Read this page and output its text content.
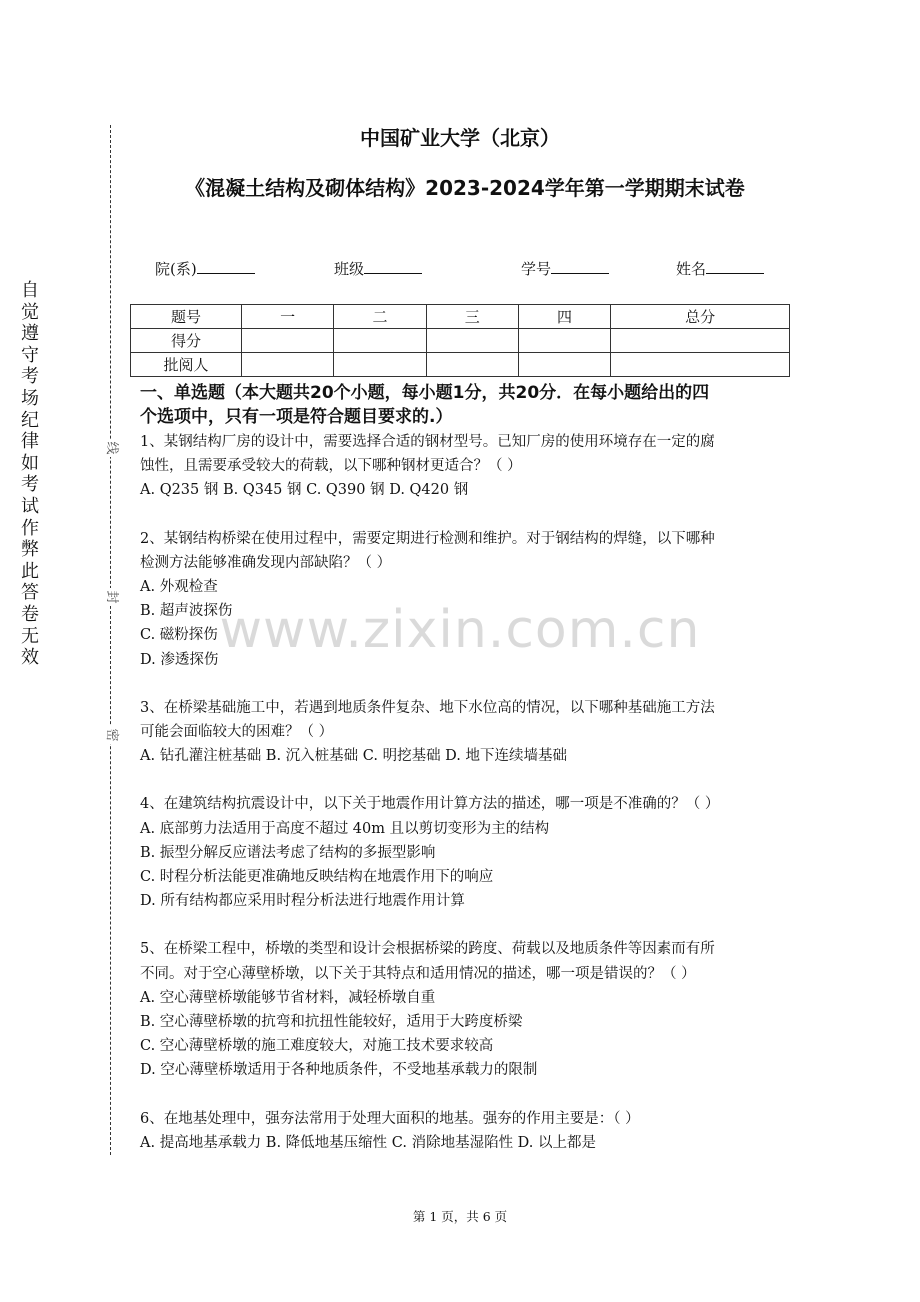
中国矿业大学（北京）
《混凝土结构及砌体结构》2023-2024学年第一学期期末试卷
院(系)	班级	学号	姓名
题号	一	二	三	四	总分
得分					
批阅人					
自觉遵守考场纪律如考试作弊此答卷无效
线
封
密
www.zixin.com.cn
一、单选题（本大题共20个小题，每小题1分，共20分．在每小题给出的四
个选项中，只有一项是符合题目要求的.）
1、某钢结构厂房的设计中，需要选择合适的钢材型号。已知厂房的使用环境存在一定的腐
蚀性，且需要承受较大的荷载，以下哪种钢材更适合？（ ）
A. Q235 钢 B. Q345 钢 C. Q390 钢 D. Q420 钢
2、某钢结构桥梁在使用过程中，需要定期进行检测和维护。对于钢结构的焊缝，以下哪种
检测方法能够准确发现内部缺陷？（ ）
A. 外观检查
B. 超声波探伤
C. 磁粉探伤
D. 渗透探伤
3、在桥梁基础施工中，若遇到地质条件复杂、地下水位高的情况，以下哪种基础施工方法
可能会面临较大的困难？（ ）
A. 钻孔灌注桩基础 B. 沉入桩基础 C. 明挖基础 D. 地下连续墙基础
4、在建筑结构抗震设计中，以下关于地震作用计算方法的描述，哪一项是不准确的？（ ）
A. 底部剪力法适用于高度不超过 40m 且以剪切变形为主的结构
B. 振型分解反应谱法考虑了结构的多振型影响
C. 时程分析法能更准确地反映结构在地震作用下的响应
D. 所有结构都应采用时程分析法进行地震作用计算
5、在桥梁工程中，桥墩的类型和设计会根据桥梁的跨度、荷载以及地质条件等因素而有所
不同。对于空心薄壁桥墩，以下关于其特点和适用情况的描述，哪一项是错误的？（ ）
A. 空心薄壁桥墩能够节省材料，减轻桥墩自重
B. 空心薄壁桥墩的抗弯和抗扭性能较好，适用于大跨度桥梁
C. 空心薄壁桥墩的施工难度较大，对施工技术要求较高
D. 空心薄壁桥墩适用于各种地质条件，不受地基承载力的限制
6、在地基处理中，强夯法常用于处理大面积的地基。强夯的作用主要是：（ ）
A. 提高地基承载力 B. 降低地基压缩性 C. 消除地基湿陷性 D. 以上都是
第 1 页，共 6 页
